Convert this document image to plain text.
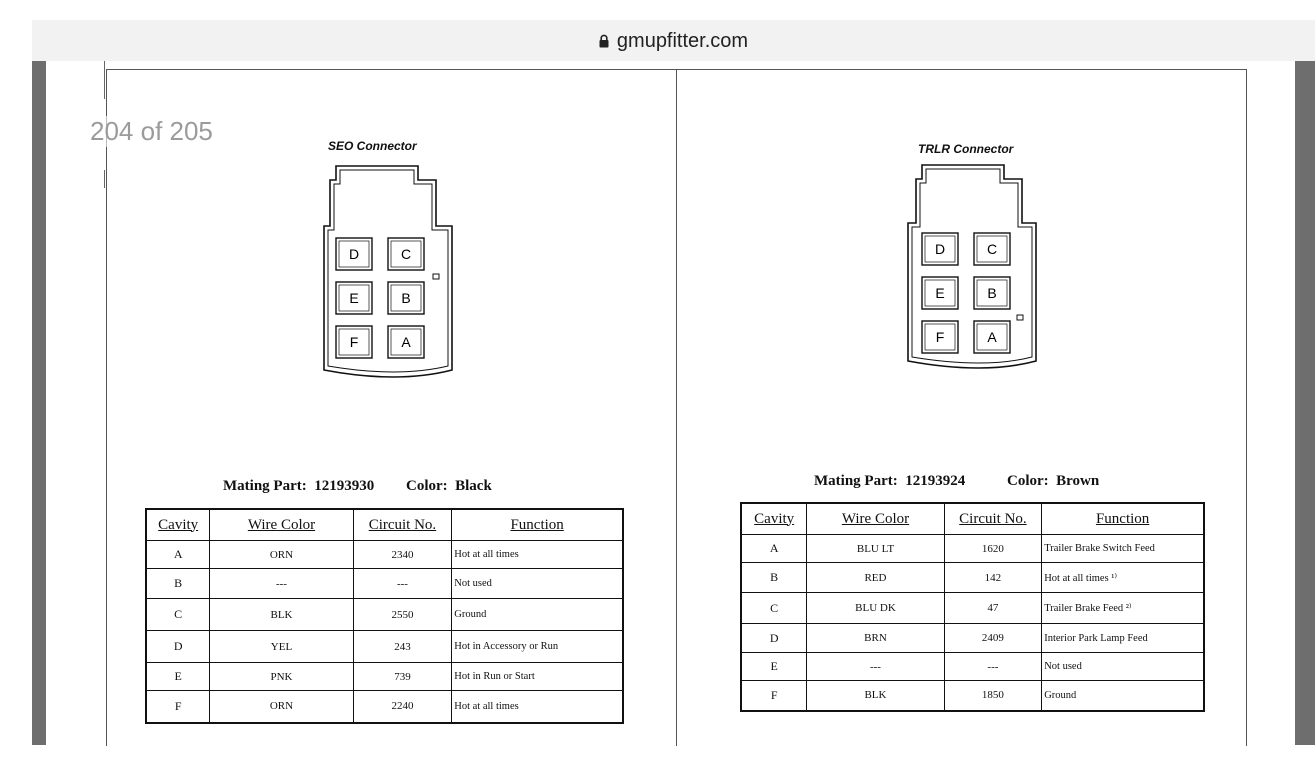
gmupfitter.com
SEO Connector
D	C
E	B
F	A
Mating Part:  12193930 Color:  Black
Cavity	Wire Color	Circuit No.	Function
A	ORN	2340	Hot at all times
B	---	---	Not used
C	BLK	2550	Ground
D	YEL	243	Hot in Accessory or Run
E	PNK	739	Hot in Run or Start
F	ORN	2240	Hot at all times
TRLR Connector
D	C
E	B
F	A
Mating Part:  12193924	Color:  Brown
Cavity	Wire Color	Circuit No.	Function
A	BLU LT	1620	Trailer Brake Switch Feed
B	RED	142	Hot at all times ¹⁾
C	BLU DK	47	Trailer Brake Feed ²⁾
D	BRN	2409	Interior Park Lamp Feed
E	---	---	Not used
F	BLK	1850	Ground
204 of 205
